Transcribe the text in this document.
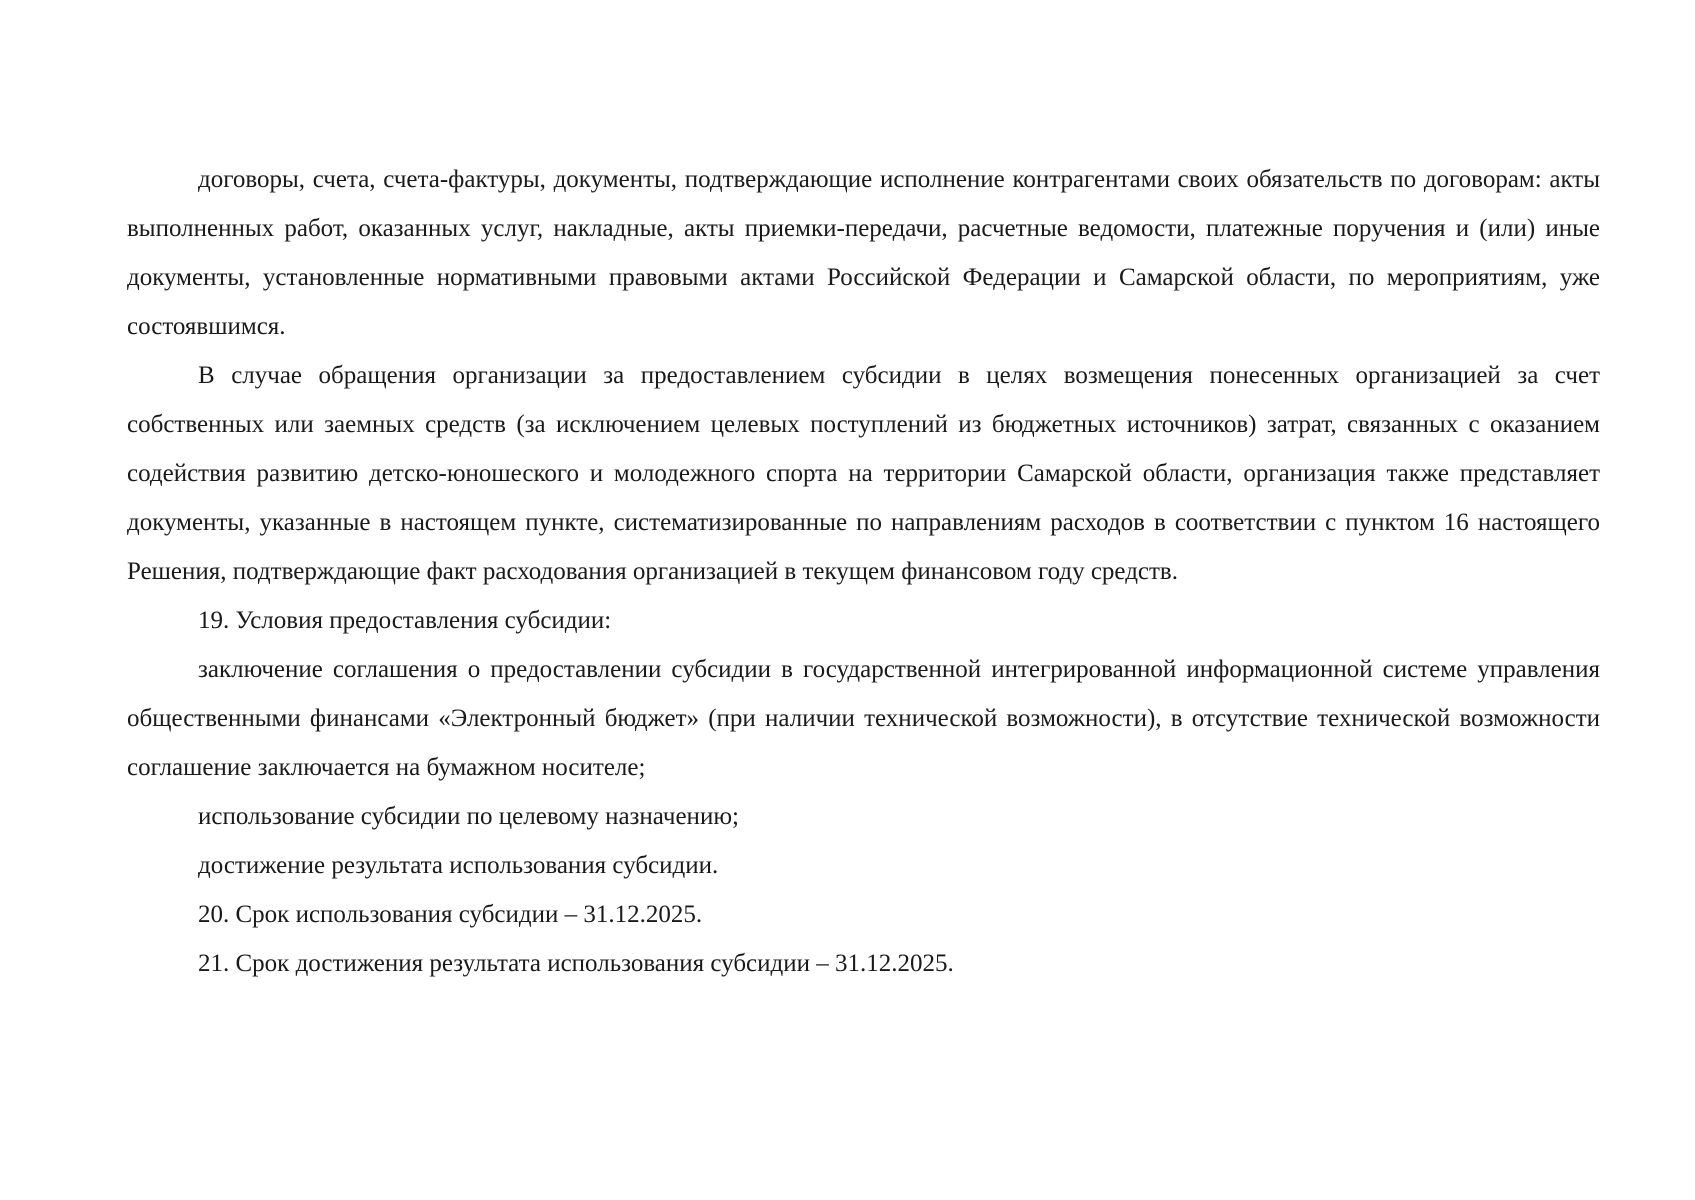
договоры, счета, счета-фактуры, документы, подтверждающие исполнение контрагентами своих обязательств по договорам: акты выполненных работ, оказанных услуг, накладные, акты приемки-передачи, расчетные ведомости, платежные поручения и (или) иные документы, установленные нормативными правовыми актами Российской Федерации и Самарской области, по мероприятиям, уже состоявшимся.

В случае обращения организации за предоставлением субсидии в целях возмещения понесенных организацией за счет собственных или заемных средств (за исключением целевых поступлений из бюджетных источников) затрат, связанных с оказанием содействия развитию детско-юношеского и молодежного спорта на территории Самарской области, организация также представляет документы, указанные в настоящем пункте, систематизированные по направлениям расходов в соответствии с пунктом 16 настоящего Решения, подтверждающие факт расходования организацией в текущем финансовом году средств.

19. Условия предоставления субсидии:

заключение соглашения о предоставлении субсидии в государственной интегрированной информационной системе управления общественными финансами «Электронный бюджет» (при наличии технической возможности), в отсутствие технической возможности соглашение заключается на бумажном носителе;

использование субсидии по целевому назначению;

достижение результата использования субсидии.

20. Срок использования субсидии – 31.12.2025.

21. Срок достижения результата использования субсидии – 31.12.2025.
